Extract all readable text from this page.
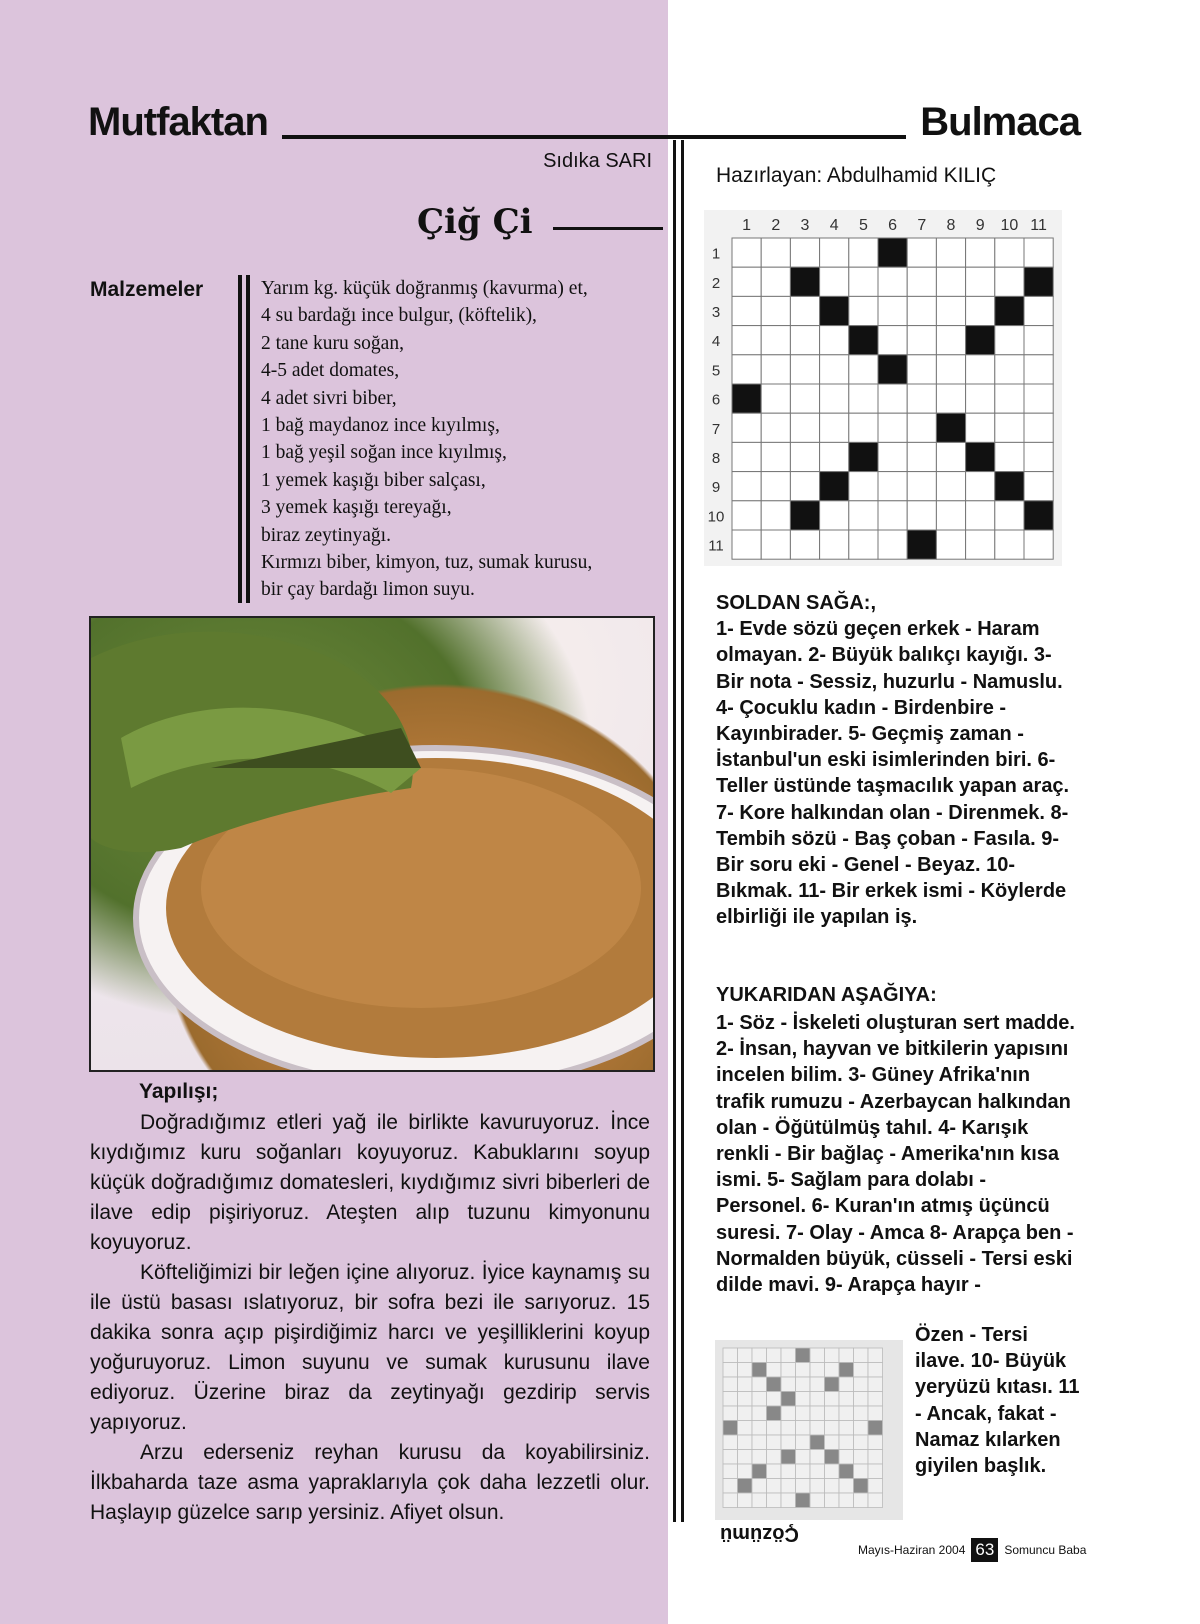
Mutfaktan	Bulmaca
Sıdıka SARI
Çiğ Çi
Malzemeler	Yarım kg. küçük doğranmış (kavurma) et,
4 su bardağı ince bulgur, (köftelik),
2 tane kuru soğan,
4-5 adet domates,
4 adet sivri biber,
1 bağ maydanoz ince kıyılmış,
1 bağ yeşil soğan ince kıyılmış,
1 yemek kaşığı biber salçası,
3 yemek kaşığı tereyağı,
biraz zeytinyağı.
Kırmızı biber, kimyon, tuz, sumak kurusu,
bir çay bardağı limon suyu.
Yapılışı;

Doğradığımız etleri yağ ile birlikte kavuruyoruz. İnce kıydığımız kuru soğanları koyuyoruz. Kabuklarını soyup küçük doğradığımız domatesleri, kıydığımız sivri biberleri de ilave edip pişiriyoruz. Ateşten alıp tuzunu kimyonunu koyuyoruz.

Köfteliğimizi bir leğen içine alıyoruz. İyice kaynamış su ile üstü basası ıslatıyoruz, bir sofra bezi ile sarıyoruz. 15 dakika sonra açıp pişirdiğimiz harcı ve yeşilliklerini koyup yoğuruyoruz. Limon suyunu ve sumak kurusunu ilave ediyoruz. Üzerine biraz da zeytinyağı gezdirip servis yapıyoruz.

Arzu ederseniz reyhan kurusu da koyabilirsiniz. İlkbaharda taze asma yapraklarıyla çok daha lezzetli olur. Haşlayıp güzelce sarıp yersiniz. Afiyet olsun.

Hazırlayan: Abdulhamid KILIÇ
1
1
2
2
3
3
4
4
5
5
6
6
7
7
8
8
9
9
10
10
11
11

SOLDAN SAĞA:,

1- Evde sözü geçen erkek - Haram olmayan. 2- Büyük balıkçı kayığı. 3- Bir nota - Sessiz, huzurlu - Namuslu. 4- Çocuklu kadın - Birdenbire - Kayınbirader. 5- Geçmiş zaman - İstanbul'un eski isimlerinden biri. 6- Teller üstünde taşmacılık yapan araç. 7- Kore halkından olan - Direnmek. 8- Tembih sözü - Baş çoban - Fasıla. 9- Bir soru eki - Genel - Beyaz. 10- Bıkmak. 11- Bir erkek ismi - Köylerde elbirliği ile yapılan iş.

YUKARIDAN AŞAĞIYA:
1- Söz - İskeleti oluşturan sert madde. 2- İnsan, hayvan ve bitkilerin yapısını incelen bilim. 3- Güney Afrika'nın trafik rumuzu - Azerbaycan halkından olan - Öğütülmüş tahıl. 4- Karışık renkli - Bir bağlaç - Amerika'nın kısa ismi. 5- Sağlam para dolabı - Personel. 6- Kuran'ın atmış üçüncü suresi. 7- Olay - Amca 8- Arapça ben - Normalden büyük, cüsseli - Tersi eski dilde mavi. 9- Arapça hayır -
Özen - Tersi ilave. 10- Büyük yeryüzü kıtası. 11 - Ancak, fakat - Namaz kılarken giyilen başlık.
Çözümü
Mayıs-Haziran 2004 63 Somuncu Baba
